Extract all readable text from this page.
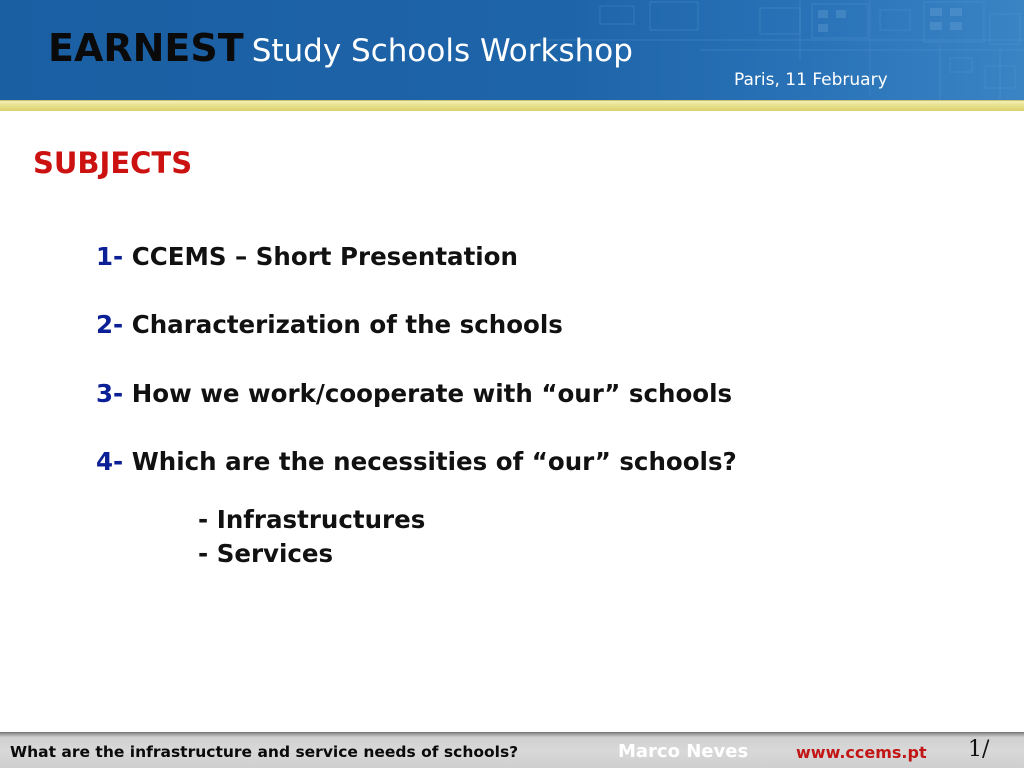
EARNEST Study Schools Workshop
Paris, 11 February
SUBJECTS
1- CCEMS – Short Presentation
2- Characterization of the schools
3- How we work/cooperate with “our” schools
4- Which are the necessities of “our” schools?
- Infrastructures
- Services
What are the infrastructure and service needs of schools?	Marco Neves	www.ccems.pt 1/
